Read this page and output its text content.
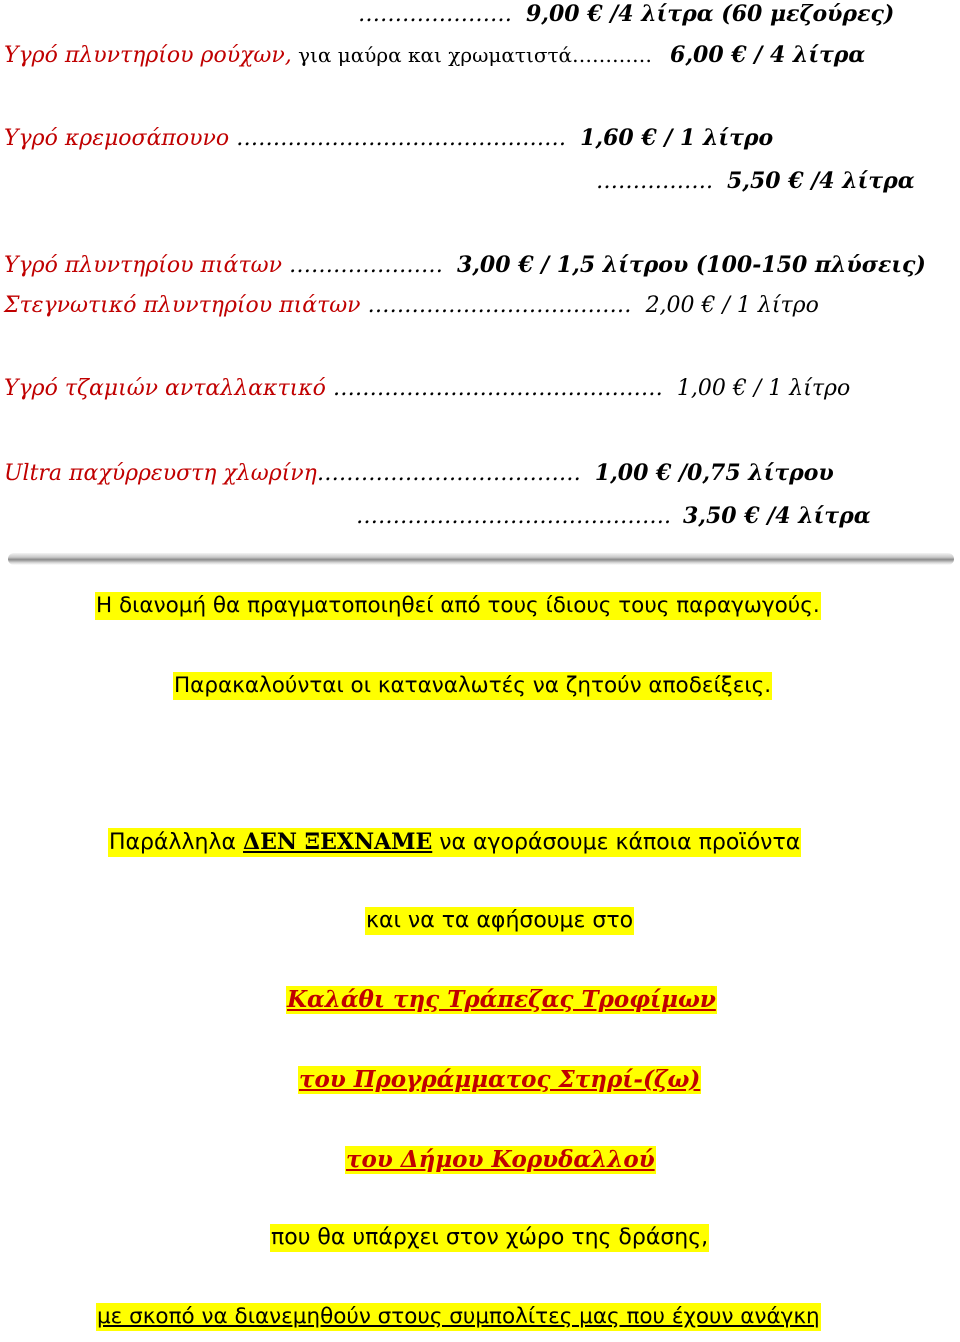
………………… 9,00 € /4 λίτρα (60 μεζούρες)
Υγρό πλυντηρίου ρούχων, για μαύρα και χρωματιστά………… 6,00 € / 4 λίτρα
Υγρό κρεμοσάπουνο ……………………………………… 1,60 € / 1 λίτρο
……………. 5,50 € /4 λίτρα
Υγρό πλυντηρίου πιάτων ………………… 3,00 € / 1,5 λίτρου (100-150 πλύσεις)
Στεγνωτικό πλυντηρίου πιάτων ……………………………… 2,00 € / 1 λίτρο
Υγρό τζαμιών ανταλλακτικό ……………………………………… 1,00 € / 1 λίτρο
Ultra παχύρρευστη χλωρίνη……………………………… 1,00 € /0,75 λίτρου
……………………………………. 3,50 € /4 λίτρα
Η διανομή θα πραγματοποιηθεί από τους ίδιους τους παραγωγούς.
Παρακαλούνται οι καταναλωτές να ζητούν αποδείξεις.
Παράλληλα ΔΕΝ ΞΕΧΝΑΜΕ να αγοράσουμε κάποια προϊόντα
και να τα αφήσουμε στο
Καλάθι της Τράπεζας Τροφίμων
του Προγράμματος Στηρί-(ζω)
του Δήμου Κορυδαλλού
που θα υπάρχει στον χώρο της δράσης,
με σκοπό να διανεμηθούν στους συμπολίτες μας που έχουν ανάγκη
